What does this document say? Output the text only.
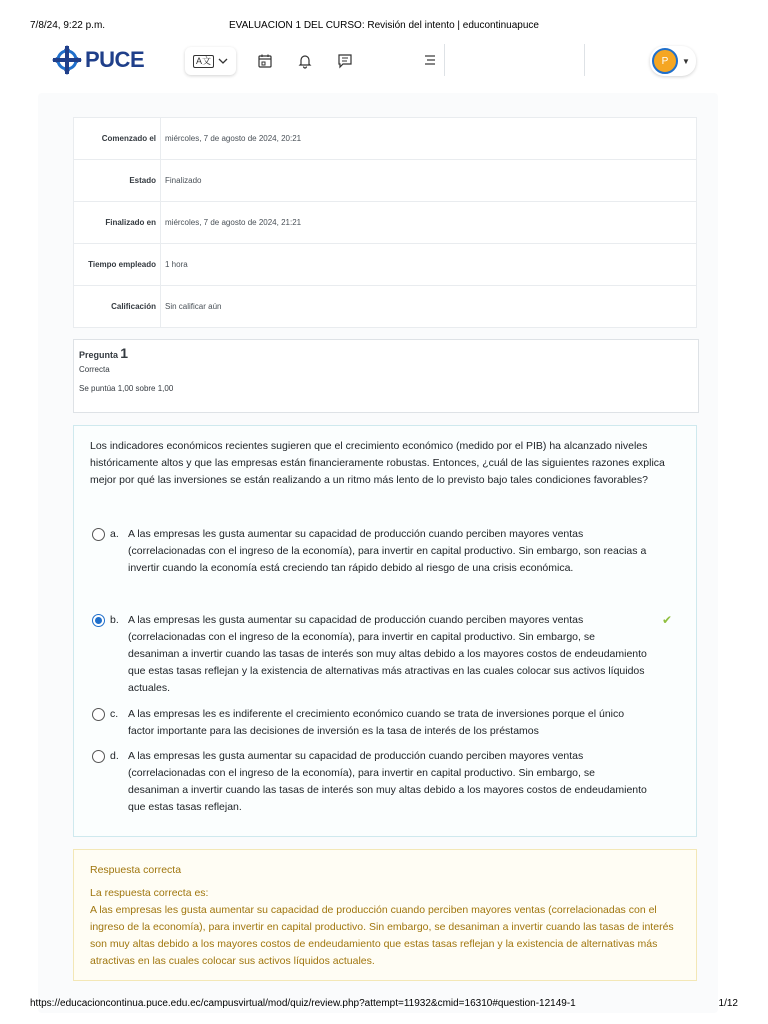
7/8/24, 9:22 p.m.	EVALUACION 1 DEL CURSO: Revisión del intento | educontinuapuce
PUCE	A文	P	▼
Comenzado el	miércoles, 7 de agosto de 2024, 20:21
Estado	Finalizado
Finalizado en	miércoles, 7 de agosto de 2024, 21:21
Tiempo empleado	1 hora
Calificación	Sin calificar aún
Pregunta 1
Correcta
Se puntúa 1,00 sobre 1,00
Los indicadores económicos recientes sugieren que el crecimiento económico (medido por el PIB) ha alcanzado niveles históricamente altos y que las empresas están financieramente robustas. Entonces, ¿cuál de las siguientes razones explica mejor por qué las inversiones se están realizando a un ritmo más lento de lo previsto bajo tales condiciones favorables?
a. A las empresas les gusta aumentar su capacidad de producción cuando perciben mayores ventas (correlacionadas con el ingreso de la economía), para invertir en capital productivo. Sin embargo, son reacias a invertir cuando la economía está creciendo tan rápido debido al riesgo de una crisis económica.
b. A las empresas les gusta aumentar su capacidad de producción cuando perciben mayores ventas (correlacionadas con el ingreso de la economía), para invertir en capital productivo. Sin embargo, se desaniman a invertir cuando las tasas de interés son muy altas debido a los mayores costos de endeudamiento que estas tasas reflejan y la existencia de alternativas más atractivas en las cuales colocar sus activos líquidos actuales.
✔
c. A las empresas les es indiferente el crecimiento económico cuando se trata de inversiones porque el único factor importante para las decisiones de inversión es la tasa de interés de los préstamos
d. A las empresas les gusta aumentar su capacidad de producción cuando perciben mayores ventas (correlacionadas con el ingreso de la economía), para invertir en capital productivo. Sin embargo, se desaniman a invertir cuando las tasas de interés son muy altas debido a los mayores costos de endeudamiento que estas tasas reflejan.
Respuesta correcta
La respuesta correcta es:
A las empresas les gusta aumentar su capacidad de producción cuando perciben mayores ventas (correlacionadas con el ingreso de la economía), para invertir en capital productivo. Sin embargo, se desaniman a invertir cuando las tasas de interés son muy altas debido a los mayores costos de endeudamiento que estas tasas reflejan y la existencia de alternativas más atractivas en las cuales colocar sus activos líquidos actuales.
https://educacioncontinua.puce.edu.ec/campusvirtual/mod/quiz/review.php?attempt=11932&cmid=16310#question-12149-1	1/12
